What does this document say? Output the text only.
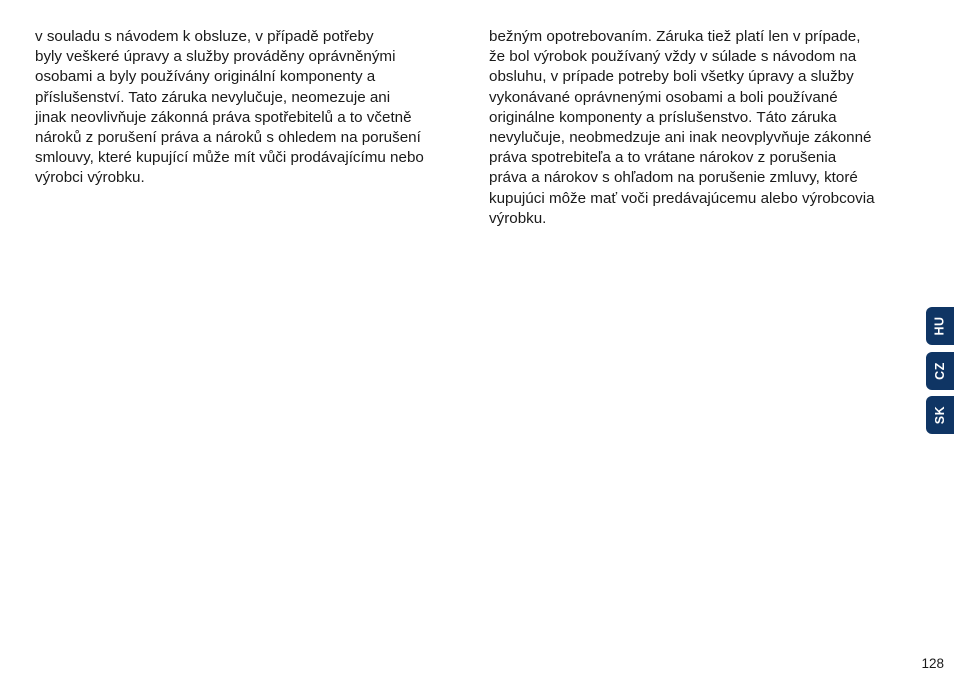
v souladu s návodem k obsluze, v případě potřeby
byly veškeré úpravy a služby prováděny oprávněnými
osobami a byly používány originální komponenty a
příslušenství. Tato záruka nevylučuje, neomezuje ani
jinak neovlivňuje zákonná práva spotřebitelů a to včetně
nároků z porušení práva a nároků s ohledem na porušení
smlouvy, které kupující může mít vůči prodávajícímu nebo
výrobci výrobku.
bežným opotrebovaním. Záruka tiež platí len v prípade,
že bol výrobok používaný vždy v súlade s návodom na
obsluhu, v prípade potreby boli všetky úpravy a služby
vykonávané oprávnenými osobami a boli používané
originálne komponenty a príslušenstvo. Táto záruka
nevylučuje, neobmedzuje ani inak neovplyvňuje zákonné
práva spotrebiteľa a to vrátane nárokov z porušenia
práva a nárokov s ohľadom na porušenie zmluvy, ktoré
kupujúci môže mať voči predávajúcemu alebo výrobcovia
výrobku.
HU
CZ
SK
128
